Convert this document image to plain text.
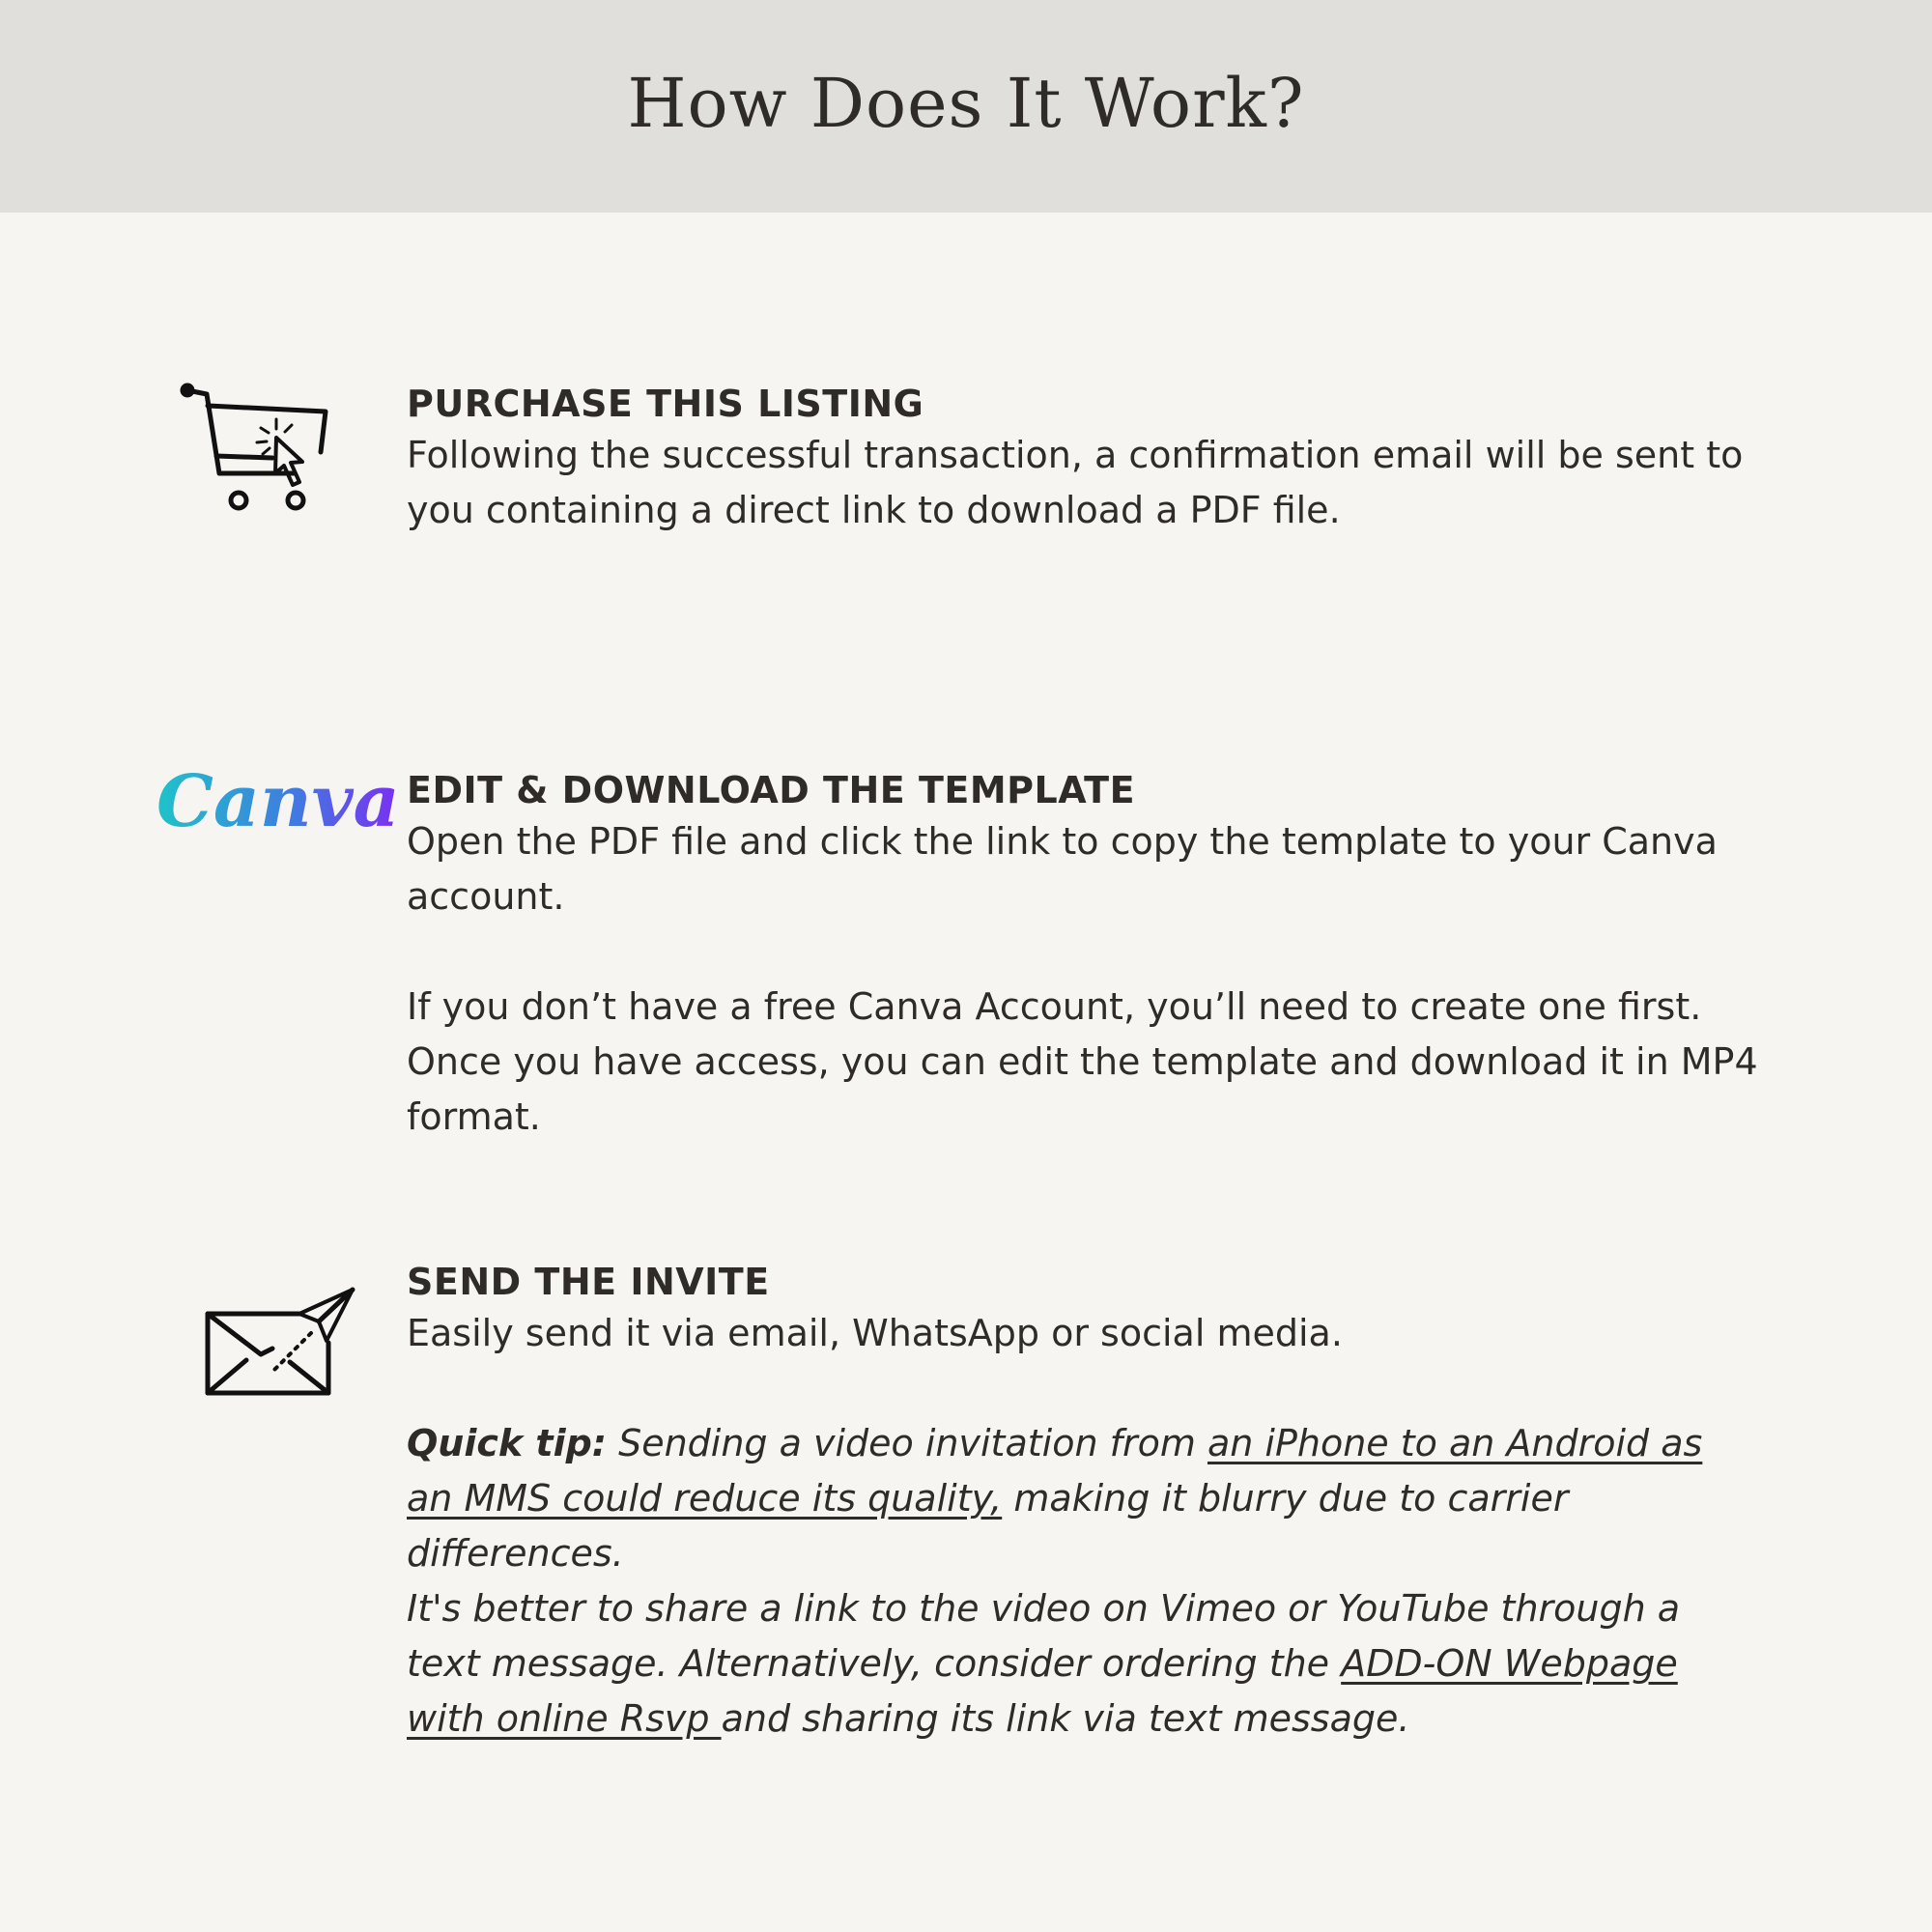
How Does It Work?

PURCHASE THIS LISTING

Following the successful transaction, a confirmation email will be sent to you containing a direct link to download a PDF file.

Canva EDIT & DOWNLOAD THE TEMPLATE

Open the PDF file and click the link to copy the template to your Canva account.

If you don’t have a free Canva Account, you’ll need to create one first. Once you have access, you can edit the template and download it in MP4 format.

SEND THE INVITE

Easily send it via email, WhatsApp or social media.

Quick tip: Sending a video invitation from an iPhone to an Android as an MMS could reduce its quality, making it blurry due to carrier differences.

It's better to share a link to the video on Vimeo or YouTube through a text message. Alternatively, consider ordering the ADD-ON Webpage with online Rsvp and sharing its link via text message.
